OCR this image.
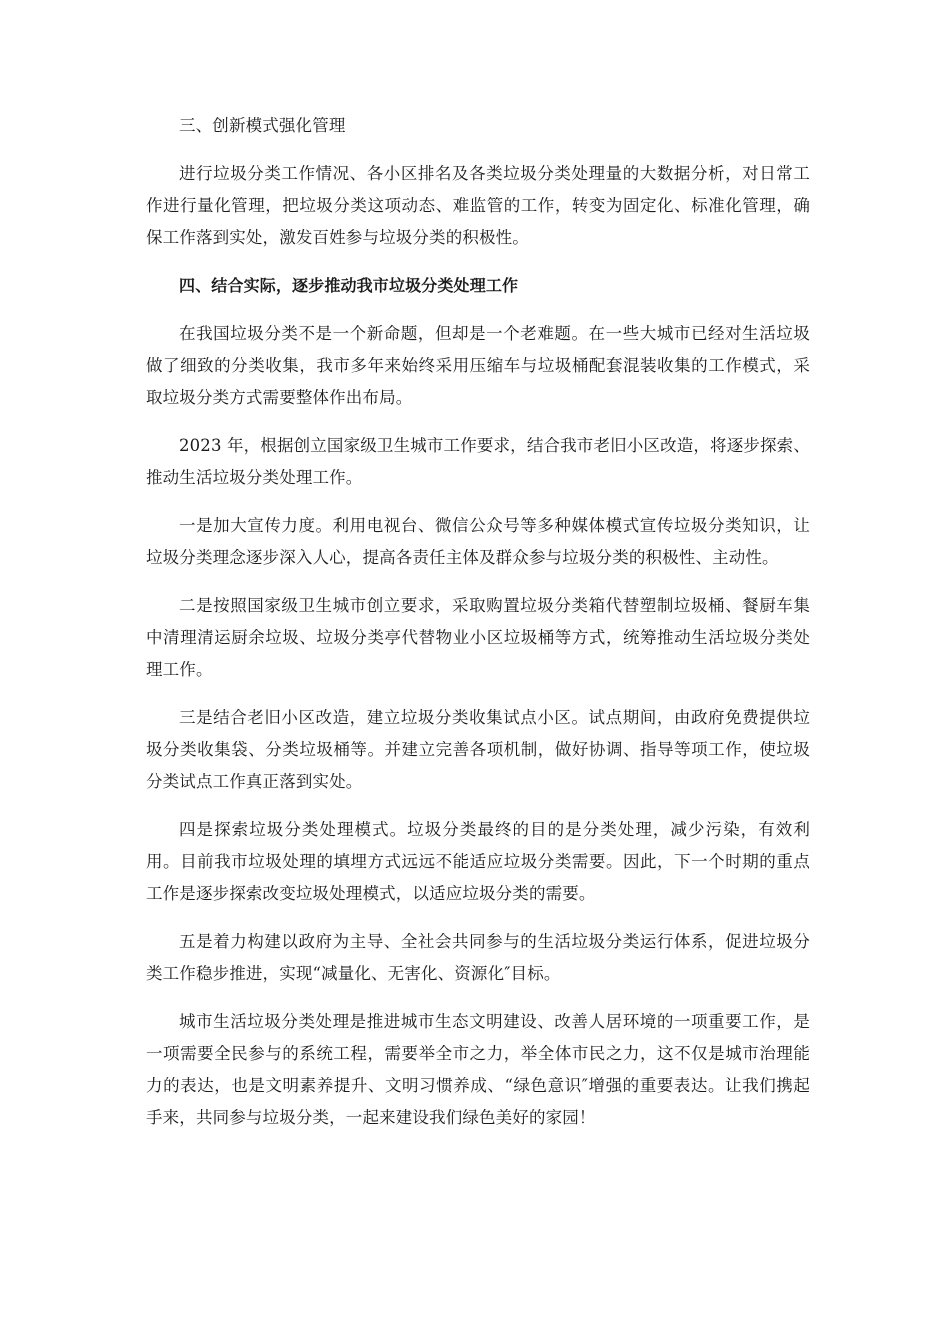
三、创新模式强化管理

进行垃圾分类工作情况、各小区排名及各类垃圾分类处理量的大数据分析，对日常工作进行量化管理，把垃圾分类这项动态、难监管的工作，转变为固定化、标准化管理，确保工作落到实处，激发百姓参与垃圾分类的积极性。

四、结合实际，逐步推动我市垃圾分类处理工作

在我国垃圾分类不是一个新命题，但却是一个老难题。在一些大城市已经对生活垃圾做了细致的分类收集，我市多年来始终采用压缩车与垃圾桶配套混装收集的工作模式，采取垃圾分类方式需要整体作出布局。

2023 年，根据创立国家级卫生城市工作要求，结合我市老旧小区改造，将逐步探索、推动生活垃圾分类处理工作。

一是加大宣传力度。利用电视台、微信公众号等多种媒体模式宣传垃圾分类知识，让垃圾分类理念逐步深入人心，提高各责任主体及群众参与垃圾分类的积极性、主动性。

二是按照国家级卫生城市创立要求，采取购置垃圾分类箱代替塑制垃圾桶、餐厨车集中清理清运厨余垃圾、垃圾分类亭代替物业小区垃圾桶等方式，统筹推动生活垃圾分类处理工作。

三是结合老旧小区改造，建立垃圾分类收集试点小区。试点期间，由政府免费提供垃圾分类收集袋、分类垃圾桶等。并建立完善各项机制，做好协调、指导等项工作，使垃圾分类试点工作真正落到实处。

四是探索垃圾分类处理模式。垃圾分类最终的目的是分类处理，减少污染，有效利用。目前我市垃圾处理的填埋方式远远不能适应垃圾分类需要。因此，下一个时期的重点工作是逐步探索改变垃圾处理模式，以适应垃圾分类的需要。

五是着力构建以政府为主导、全社会共同参与的生活垃圾分类运行体系，促进垃圾分类工作稳步推进，实现“减量化、无害化、资源化″目标。

城市生活垃圾分类处理是推进城市生态文明建设、改善人居环境的一项重要工作，是一项需要全民参与的系统工程，需要举全市之力，举全体市民之力，这不仅是城市治理能力的表达，也是文明素养提升、文明习惯养成、“绿色意识″增强的重要表达。让我们携起手来，共同参与垃圾分类，一起来建设我们绿色美好的家园！
